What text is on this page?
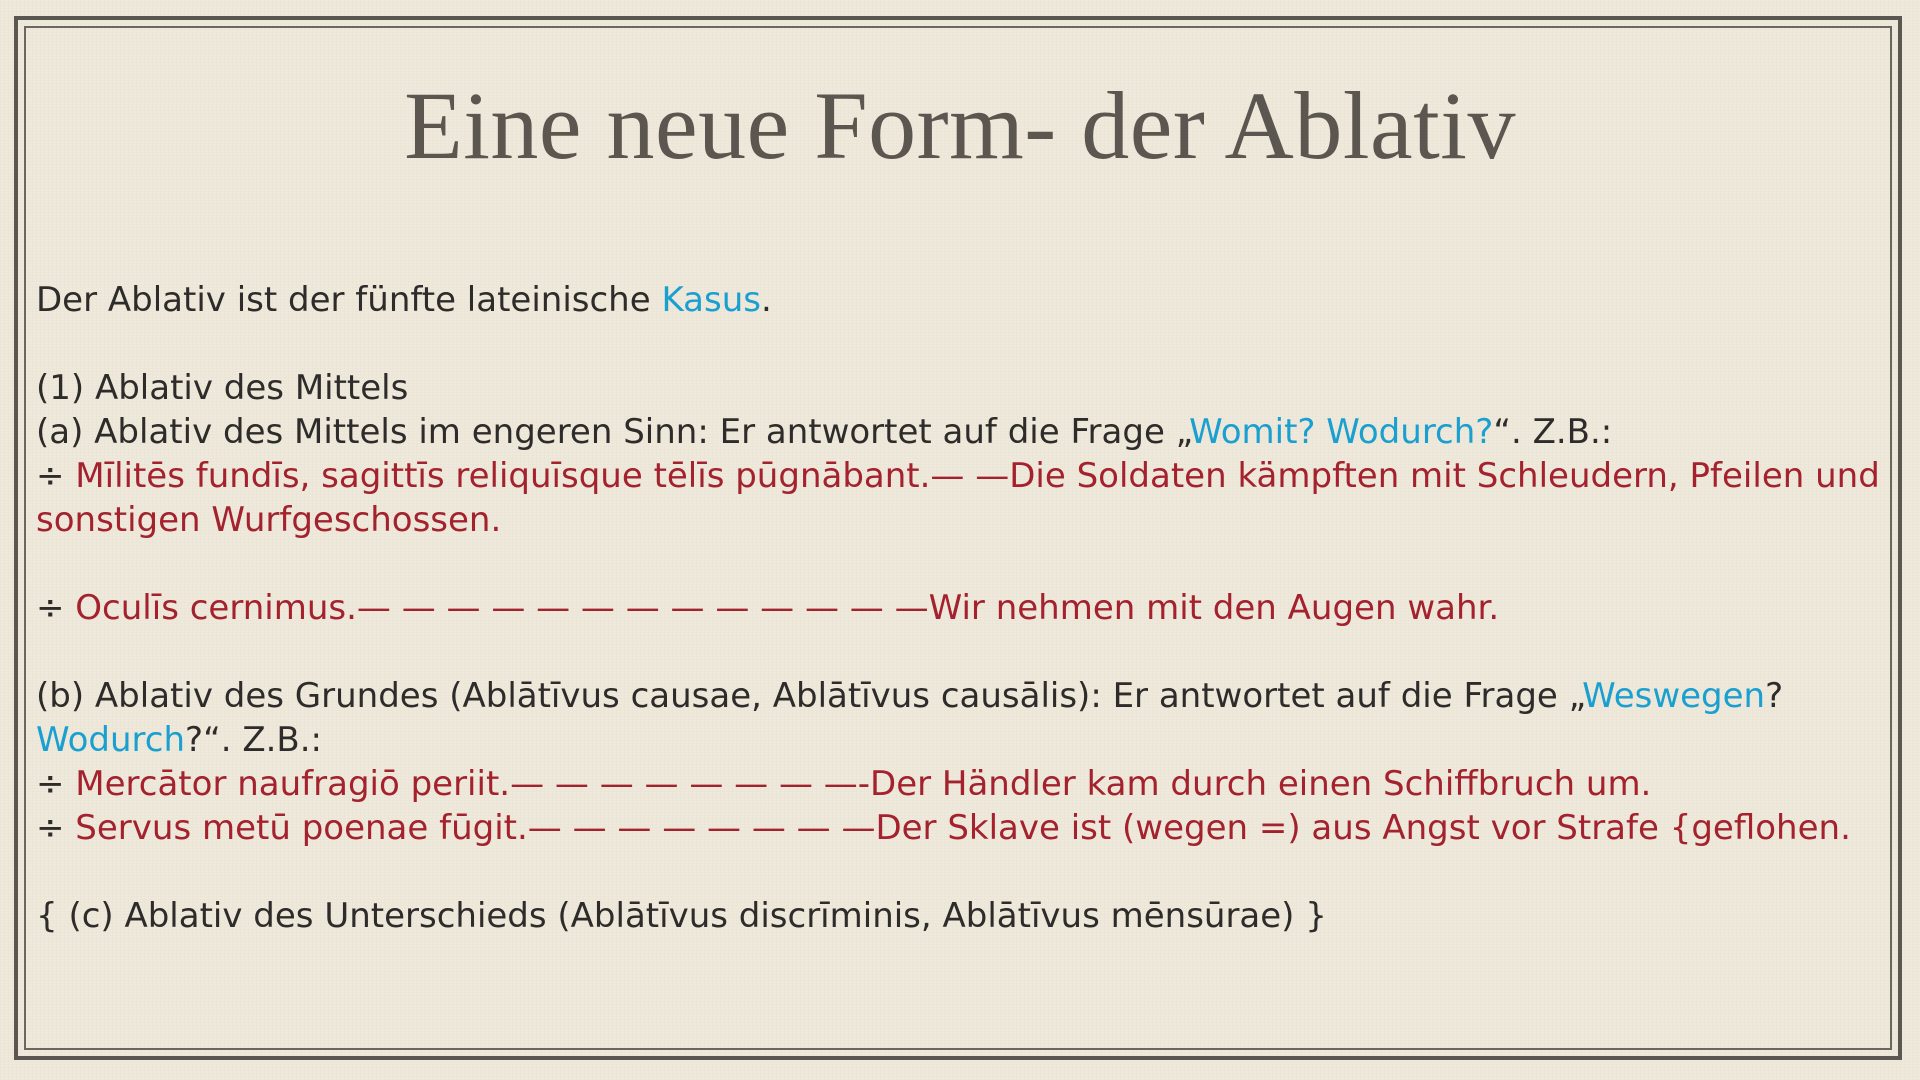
Eine neue Form- der Ablativ
Der Ablativ ist der fünfte lateinische Kasus.
(1) Ablativ des Mittels
(a) Ablativ des Mittels im engeren Sinn: Er antwortet auf die Frage „Womit? Wodurch?“. Z.B.:
÷ Mīlitēs fundīs, sagittīs reliquīsque tēlīs pūgnābant.— —Die Soldaten kämpften mit Schleudern, Pfeilen und
sonstigen Wurfgeschossen.
÷ Oculīs cernimus.— — — — — — — — — — — — —Wir nehmen mit den Augen wahr.
(b) Ablativ des Grundes (Ablātīvus causae, Ablātīvus causālis): Er antwortet auf die Frage „Weswegen?
Wodurch?“. Z.B.:
÷ Mercātor naufragiō periit.— — — — — — — —-Der Händler kam durch einen Schiffbruch um.
÷ Servus metū poenae fūgit.— — — — — — — —Der Sklave ist (wegen =) aus Angst vor Strafe {geflohen.
{ (c) Ablativ des Unterschieds (Ablātīvus discrīminis, Ablātīvus mēnsūrae) }
